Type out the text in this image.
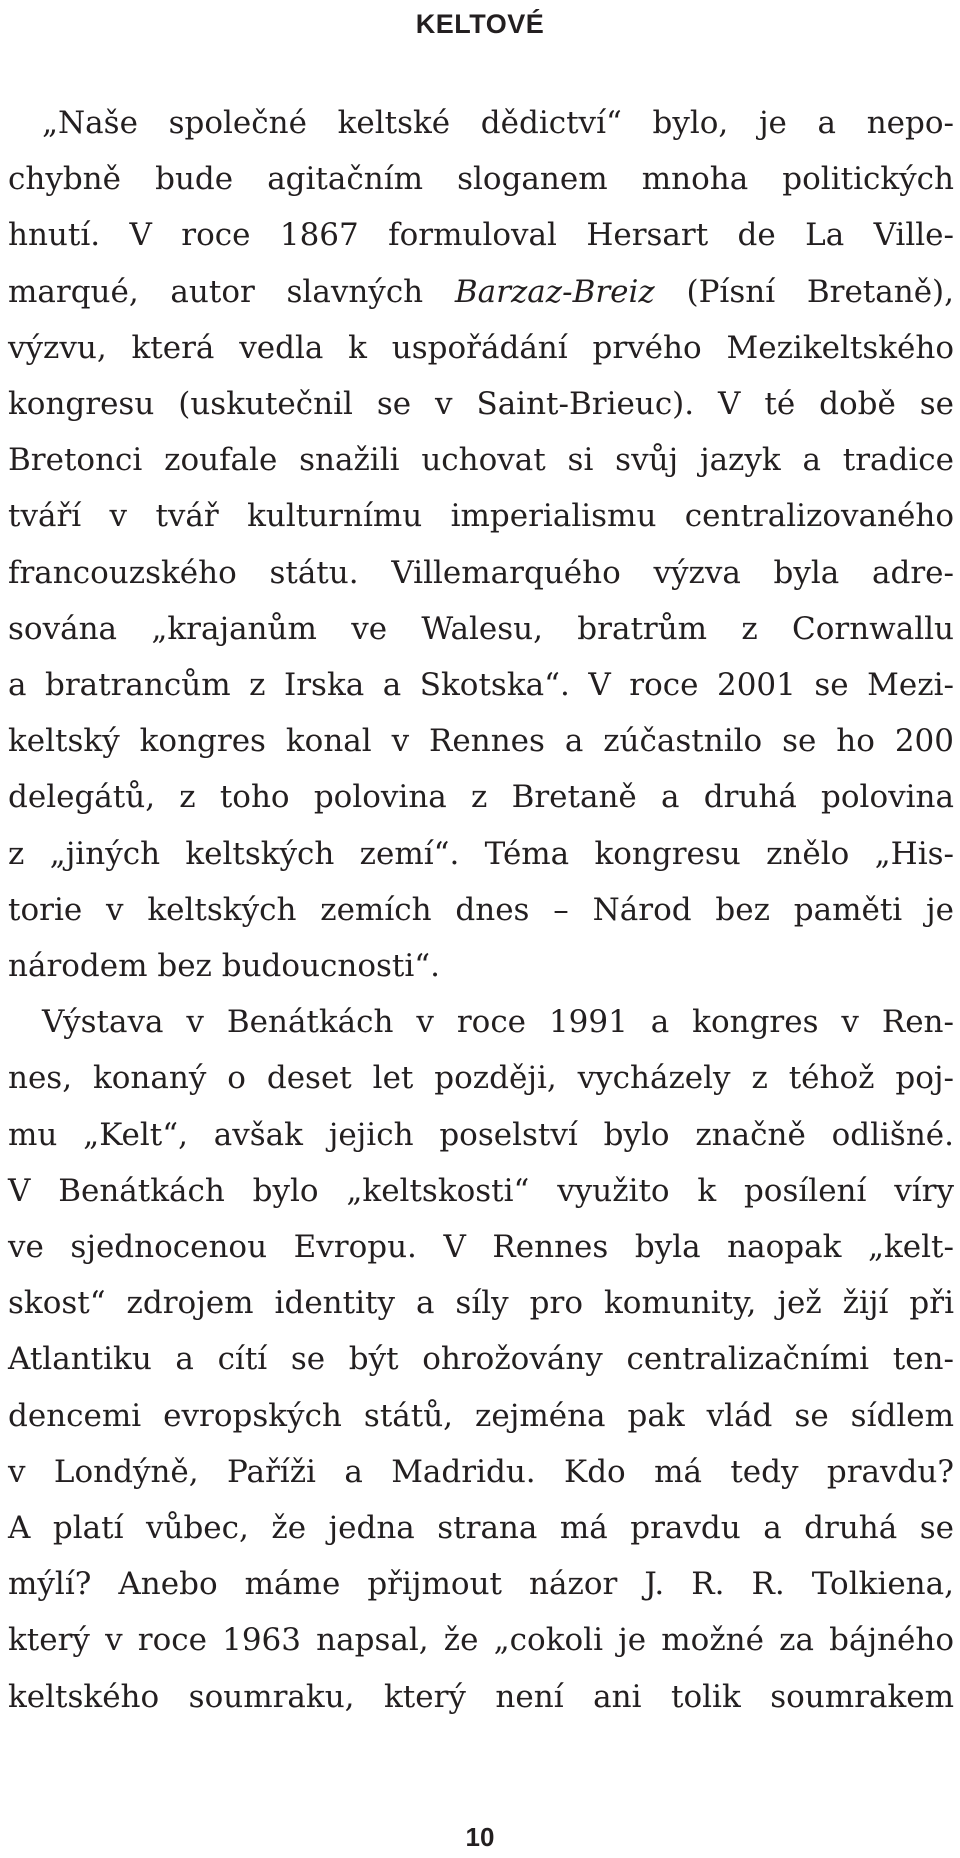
KELTOVÉ
„Naše společné keltské dědictví“ bylo, je a nepo-
chybně bude agitačním sloganem mnoha politických
hnutí. V roce 1867 formuloval Hersart de La Ville-
marqué, autor slavných Barzaz-Breiz (Písní Bretaně),
výzvu, která vedla k uspořádání prvého Mezikeltského
kongresu (uskutečnil se v Saint-Brieuc). V té době se
Bretonci zoufale snažili uchovat si svůj jazyk a tradice
tváří v tvář kulturnímu imperialismu centralizovaného
francouzského státu. Villemarquého výzva byla adre-
sována „krajanům ve Walesu, bratrům z Cornwallu
a bratrancům z Irska a Skotska“. V roce 2001 se Mezi-
keltský kongres konal v Rennes a zúčastnilo se ho 200
delegátů, z toho polovina z Bretaně a druhá polovina
z „jiných keltských zemí“. Téma kongresu znělo „His-
torie v keltských zemích dnes – Národ bez paměti je
národem bez budoucnosti“.
Výstava v Benátkách v roce 1991 a kongres v Ren-
nes, konaný o deset let později, vycházely z téhož poj-
mu „Kelt“, avšak jejich poselství bylo značně odlišné.
V Benátkách bylo „keltskosti“ využito k posílení víry
ve sjednocenou Evropu. V Rennes byla naopak „kelt-
skost“ zdrojem identity a síly pro komunity, jež žijí při
Atlantiku a cítí se být ohrožovány centralizačními ten-
dencemi evropských států, zejména pak vlád se sídlem
v Londýně, Paříži a Madridu. Kdo má tedy pravdu?
A platí vůbec, že jedna strana má pravdu a druhá se
mýlí? Anebo máme přijmout názor J. R. R. Tolkiena,
který v roce 1963 napsal, že „cokoli je možné za bájného
keltského soumraku, který není ani tolik soumrakem
10
